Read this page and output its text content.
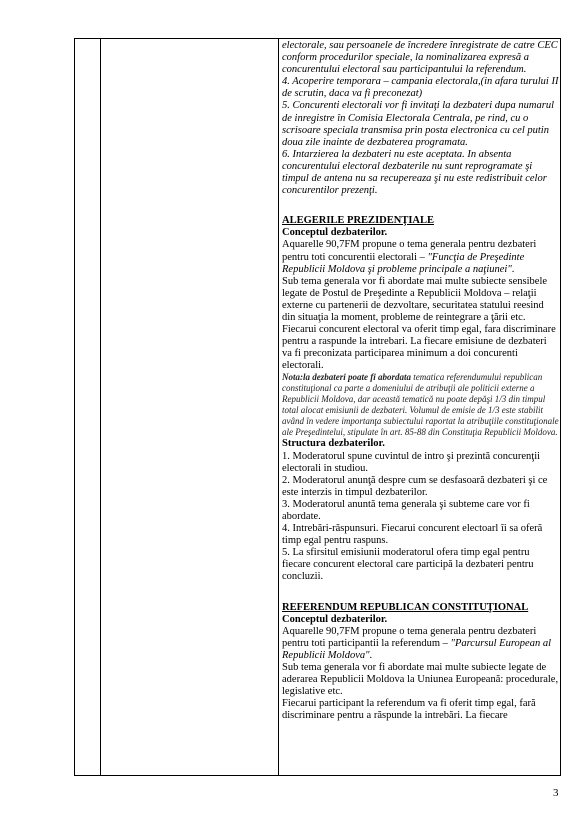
electorale, sau persoanele de încredere înregistrate de catre CEC conform procedurilor speciale, la nominalizarea expresă a concurentului electoral sau participantului la referendum.

4. Acoperire temporara – campania electorala,(in afara turului II de scrutin, daca va fi preconezat)

5. Concurenti electorali vor fi invitaţi la dezbateri dupa numarul de inregistre în Comisia Electorala Centrala, pe rind, cu o scrisoare speciala transmisa prin posta electronica cu cel putin doua zile inainte de dezbaterea programata.

6. Intarzierea la dezbateri nu este aceptata. In absenta concurentului electoral dezbaterile nu sunt reprogramate şi timpul de antena nu sa recupereaza şi nu este redistribuit celor concurentilor prezenţi.

ALEGERILE PREZIDENŢIALE

Conceptul dezbaterilor.

Aquarelle 90,7FM propune o tema generala pentru dezbateri pentru toti concurentii electorali – "Funcţia de Preşedinte Republicii Moldova şi probleme principale a naţiunei".

Sub tema generala vor fi abordate mai multe subiecte sensibele legate de Postul de Preşedinte a Republicii Moldova – relaţii externe cu partenerii de dezvoltare, securitatea statului reesind din situaţia la moment, probleme de reintegrare a ţării etc.

Fiecarui concurent electoral va oferit timp egal, fara discriminare pentru a raspunde la intrebari. La fiecare emisiune de dezbateri va fi preconizata participarea minimum a doi concurenti electorali.

Nota:la dezbateri poate fi abordata tematica referendumului republican constituţional ca parte a domeniului de atribuţii ale politicii externe a Republicii Moldova, dar această tematică nu poate depăşi 1/3 din timpul total alocat emisiunii de dezbateri. Volumul de emisie de 1/3 este stabilit având în vedere importanţa subiectului raportat la atribuţiile constituţionale ale Preşedintelui, stipulate în art. 85-88 din Constituţia Republicii Moldova.

Structura dezbaterilor.

1. Moderatorul spune cuvintul de intro şi prezintă concurenţii electorali in studiou.

2. Moderatorul anunţă despre cum se desfasoară dezbateri şi ce este interzis in timpul dezbaterilor.

3. Moderatorul anuntă tema generala şi subteme care vor fi abordate.

4. Intrebări-răspunsuri. Fiecarui concurent electoarl îi sa oferă timp egal pentru raspuns.

5. La sfirsitul emisiunii moderatorul ofera timp egal pentru fiecare concurent electoral care participă la dezbateri pentru concluzii.

REFERENDUM REPUBLICAN CONSTITUŢIONAL

Conceptul dezbaterilor.

Aquarelle 90,7FM propune o tema generala pentru dezbateri pentru toti participantii la referendum – "Parcursul European al Republicii Moldova".

Sub tema generala vor fi abordate mai multe subiecte legate de aderarea Republicii Moldova la Uniunea Europeană: procedurale, legislative etc.

Fiecarui participant la referendum va fi oferit timp egal, fară discriminare pentru a răspunde la intrebări. La fiecare

3
